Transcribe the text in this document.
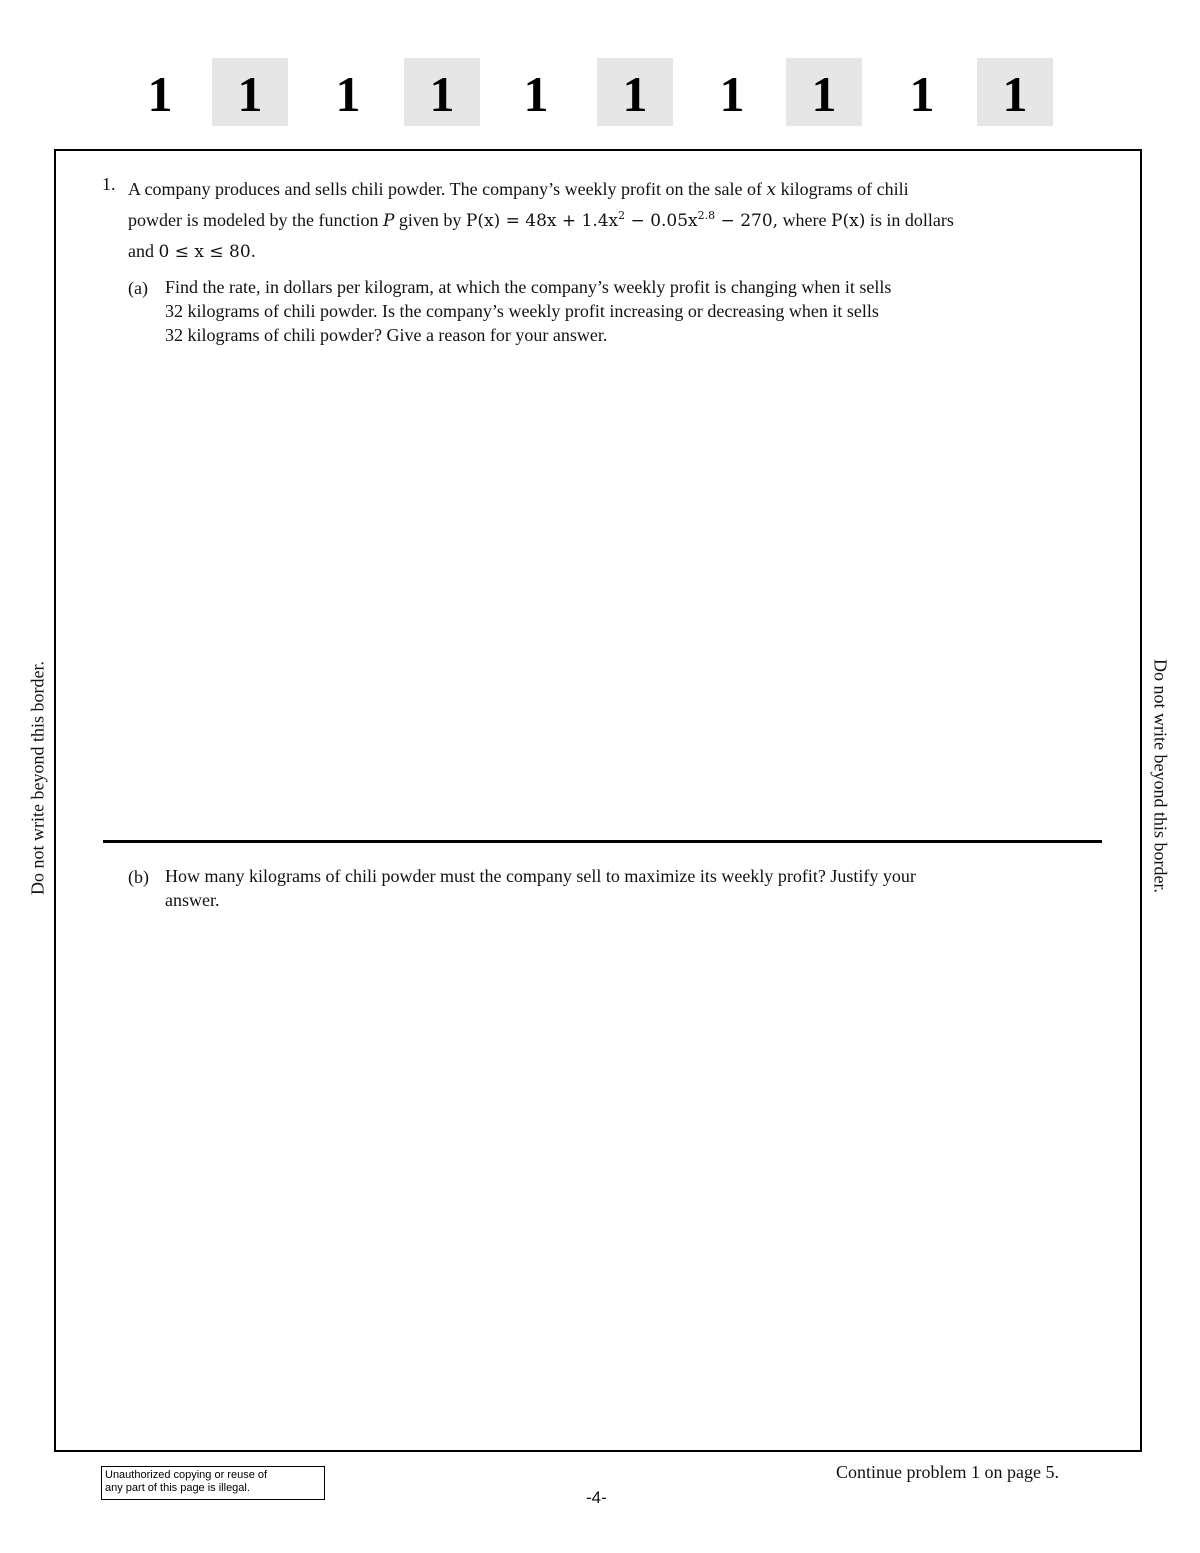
1	1	1	1	1	1	1	1	1	1
1. A company produces and sells chili powder. The company’s weekly profit on the sale of x kilograms of chili
powder is modeled by the function P given by $P(x) = 48x + 1.4x^2 - 0.05x^{2.8} - 270$, where P(x) is in dollars
and 0 ≤ x ≤ 80.
(a) Find the rate, in dollars per kilogram, at which the company’s weekly profit is changing when it sells
32 kilograms of chili powder. Is the company’s weekly profit increasing or decreasing when it sells
32 kilograms of chili powder? Give a reason for your answer.
(b) How many kilograms of chili powder must the company sell to maximize its weekly profit? Justify your
answer.
Do not write beyond this border.	Do not write beyond this border.
Unauthorized copying or reuse of
any part of this page is illegal.
Continue problem 1 on page 5.
-4-
